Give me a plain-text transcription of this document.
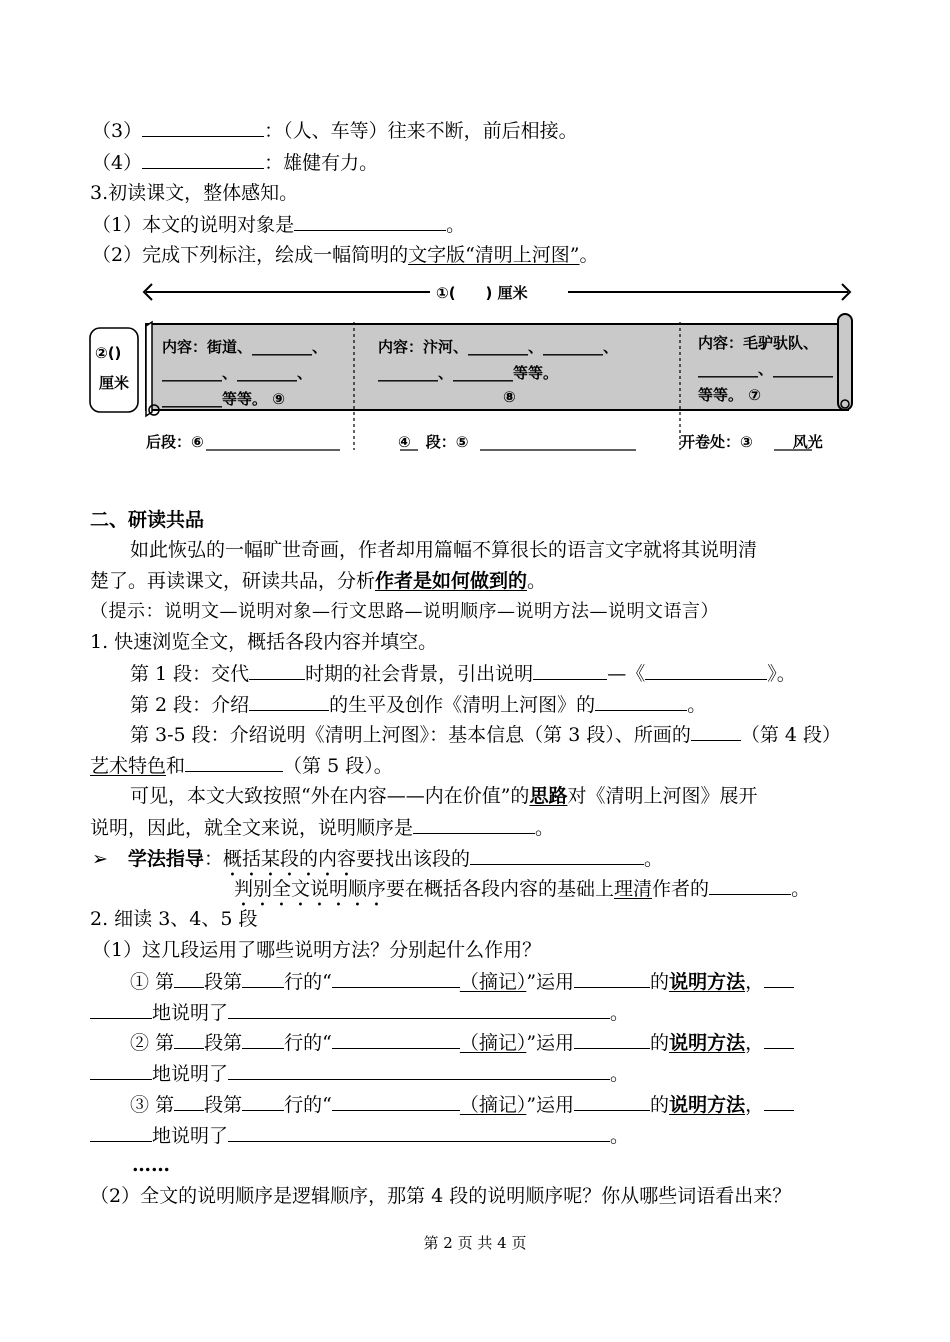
（3）	：（人、车等）往来不断，前后相接。
（4）	：雄健有力。
3.初读课文，整体感知。
（1）本文的说明对象是	。
（2）完成下列标注，绘成一幅简明的文字版“清明上河图”。
①(　　) 厘米
②()
厘米
内容：街道、________、
________、________、
________等等。 ⑨
内容：汴河、________、________、
________、________等等。
⑧
内容：毛驴驮队、
________、________
等等。 ⑦
后段：⑥	④　段：⑤	开卷处：③	风光
二、研读共品
如此恢弘的一幅旷世奇画，作者却用篇幅不算很长的语言文字就将其说明清
楚了。再读课文，研读共品，分析作者是如何做到的。
（提示：说明文—说明对象—行文思路—说明顺序—说明方法—说明文语言）
1. 快速浏览全文，概括各段内容并填空。
第 1 段：交代	时期的社会背景，引出说明	—《	》。
第 2 段：介绍	的生平及创作《清明上河图》的	。
第 3-5 段：介绍说明《清明上河图》：基本信息（第 3 段）、所画的	（第 4 段）
艺术特色和	（第 5 段）。
可见，本文大致按照“外在内容——内在价值”的思路对《清明上河图》展开
说明，因此，就全文来说，说明顺序是	。
➢ 学法指导：概括某段的内容要找出该段的	。
判别全文说明顺序要在概括各段内容的基础上理清作者的	。
2. 细读 3、4、5 段
（1）这几段运用了哪些说明方法？分别起什么作用？
① 第 段第 行的“	（摘记）”运用	的说明方法，
地说明了	。
② 第 段第 行的“	（摘记）”运用	的说明方法，
地说明了	。
③ 第 段第 行的“	（摘记）”运用	的说明方法，
地说明了	。
……
（2）全文的说明顺序是逻辑顺序，那第 4 段的说明顺序呢？你从哪些词语看出来？
第 2 页 共 4 页
